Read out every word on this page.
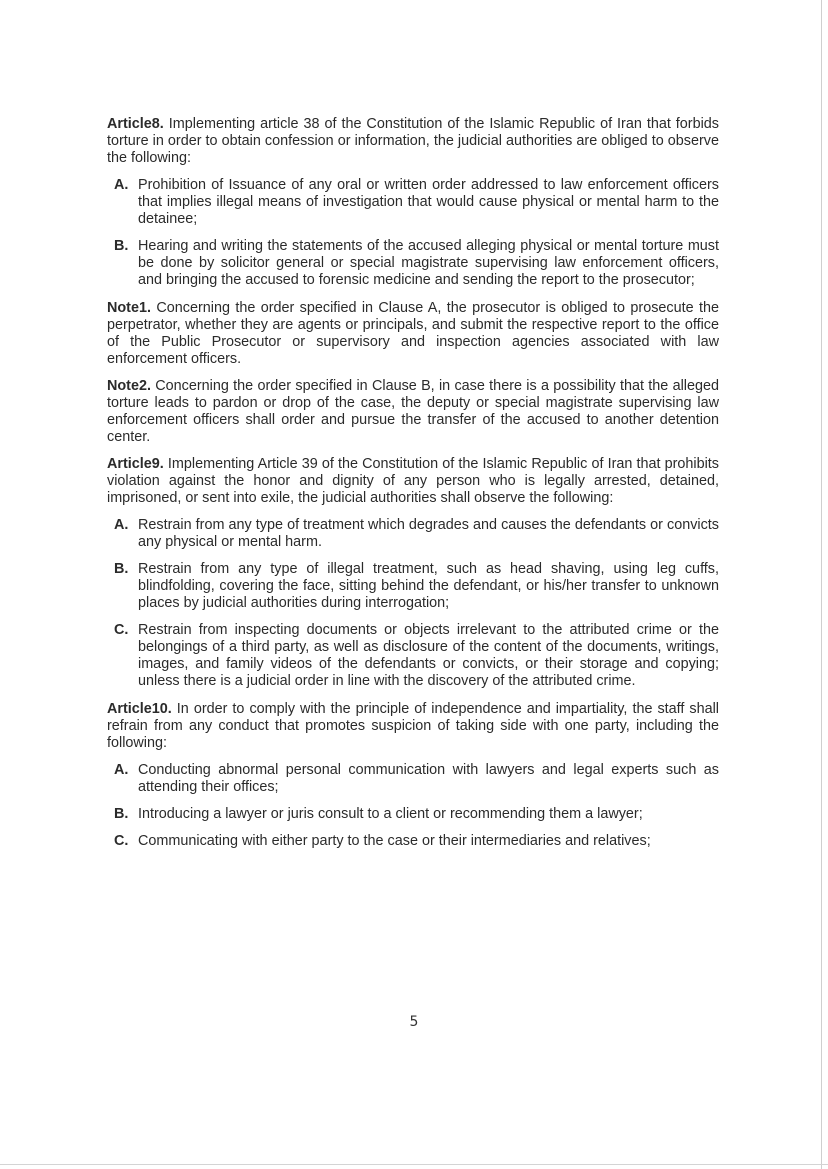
Article8. Implementing article 38 of the Constitution of the Islamic Republic of Iran that forbids torture in order to obtain confession or information, the judicial authorities are obliged to observe the following:

A. Prohibition of Issuance of any oral or written order addressed to law enforcement officers that implies illegal means of investigation that would cause physical or mental harm to the detainee;
B. Hearing and writing the statements of the accused alleging physical or mental torture must be done by solicitor general or special magistrate supervising law enforcement officers, and bringing the accused to forensic medicine and sending the report to the prosecutor;

Note1. Concerning the order specified in Clause A, the prosecutor is obliged to prosecute the perpetrator, whether they are agents or principals, and submit the respective report to the office of the Public Prosecutor or supervisory and inspection agencies associated with law enforcement officers.

Note2. Concerning the order specified in Clause B, in case there is a possibility that the alleged torture leads to pardon or drop of the case, the deputy or special magistrate supervising law enforcement officers shall order and pursue the transfer of the accused to another detention center.

Article9. Implementing Article 39 of the Constitution of the Islamic Republic of Iran that prohibits violation against the honor and dignity of any person who is legally arrested, detained, imprisoned, or sent into exile, the judicial authorities shall observe the following:

A. Restrain from any type of treatment which degrades and causes the defendants or convicts any physical or mental harm.
B. Restrain from any type of illegal treatment, such as head shaving, using leg cuffs, blindfolding, covering the face, sitting behind the defendant, or his/her transfer to unknown places by judicial authorities during interrogation;
C. Restrain from inspecting documents or objects irrelevant to the attributed crime or the belongings of a third party, as well as disclosure of the content of the documents, writings, images, and family videos of the defendants or convicts, or their storage and copying; unless there is a judicial order in line with the discovery of the attributed crime.

Article10. In order to comply with the principle of independence and impartiality, the staff shall refrain from any conduct that promotes suspicion of taking side with one party, including the following:

A. Conducting abnormal personal communication with lawyers and legal experts such as attending their offices;
B. Introducing a lawyer or juris consult to a client or recommending them a lawyer;
C. Communicating with either party to the case or their intermediaries and relatives;
5
